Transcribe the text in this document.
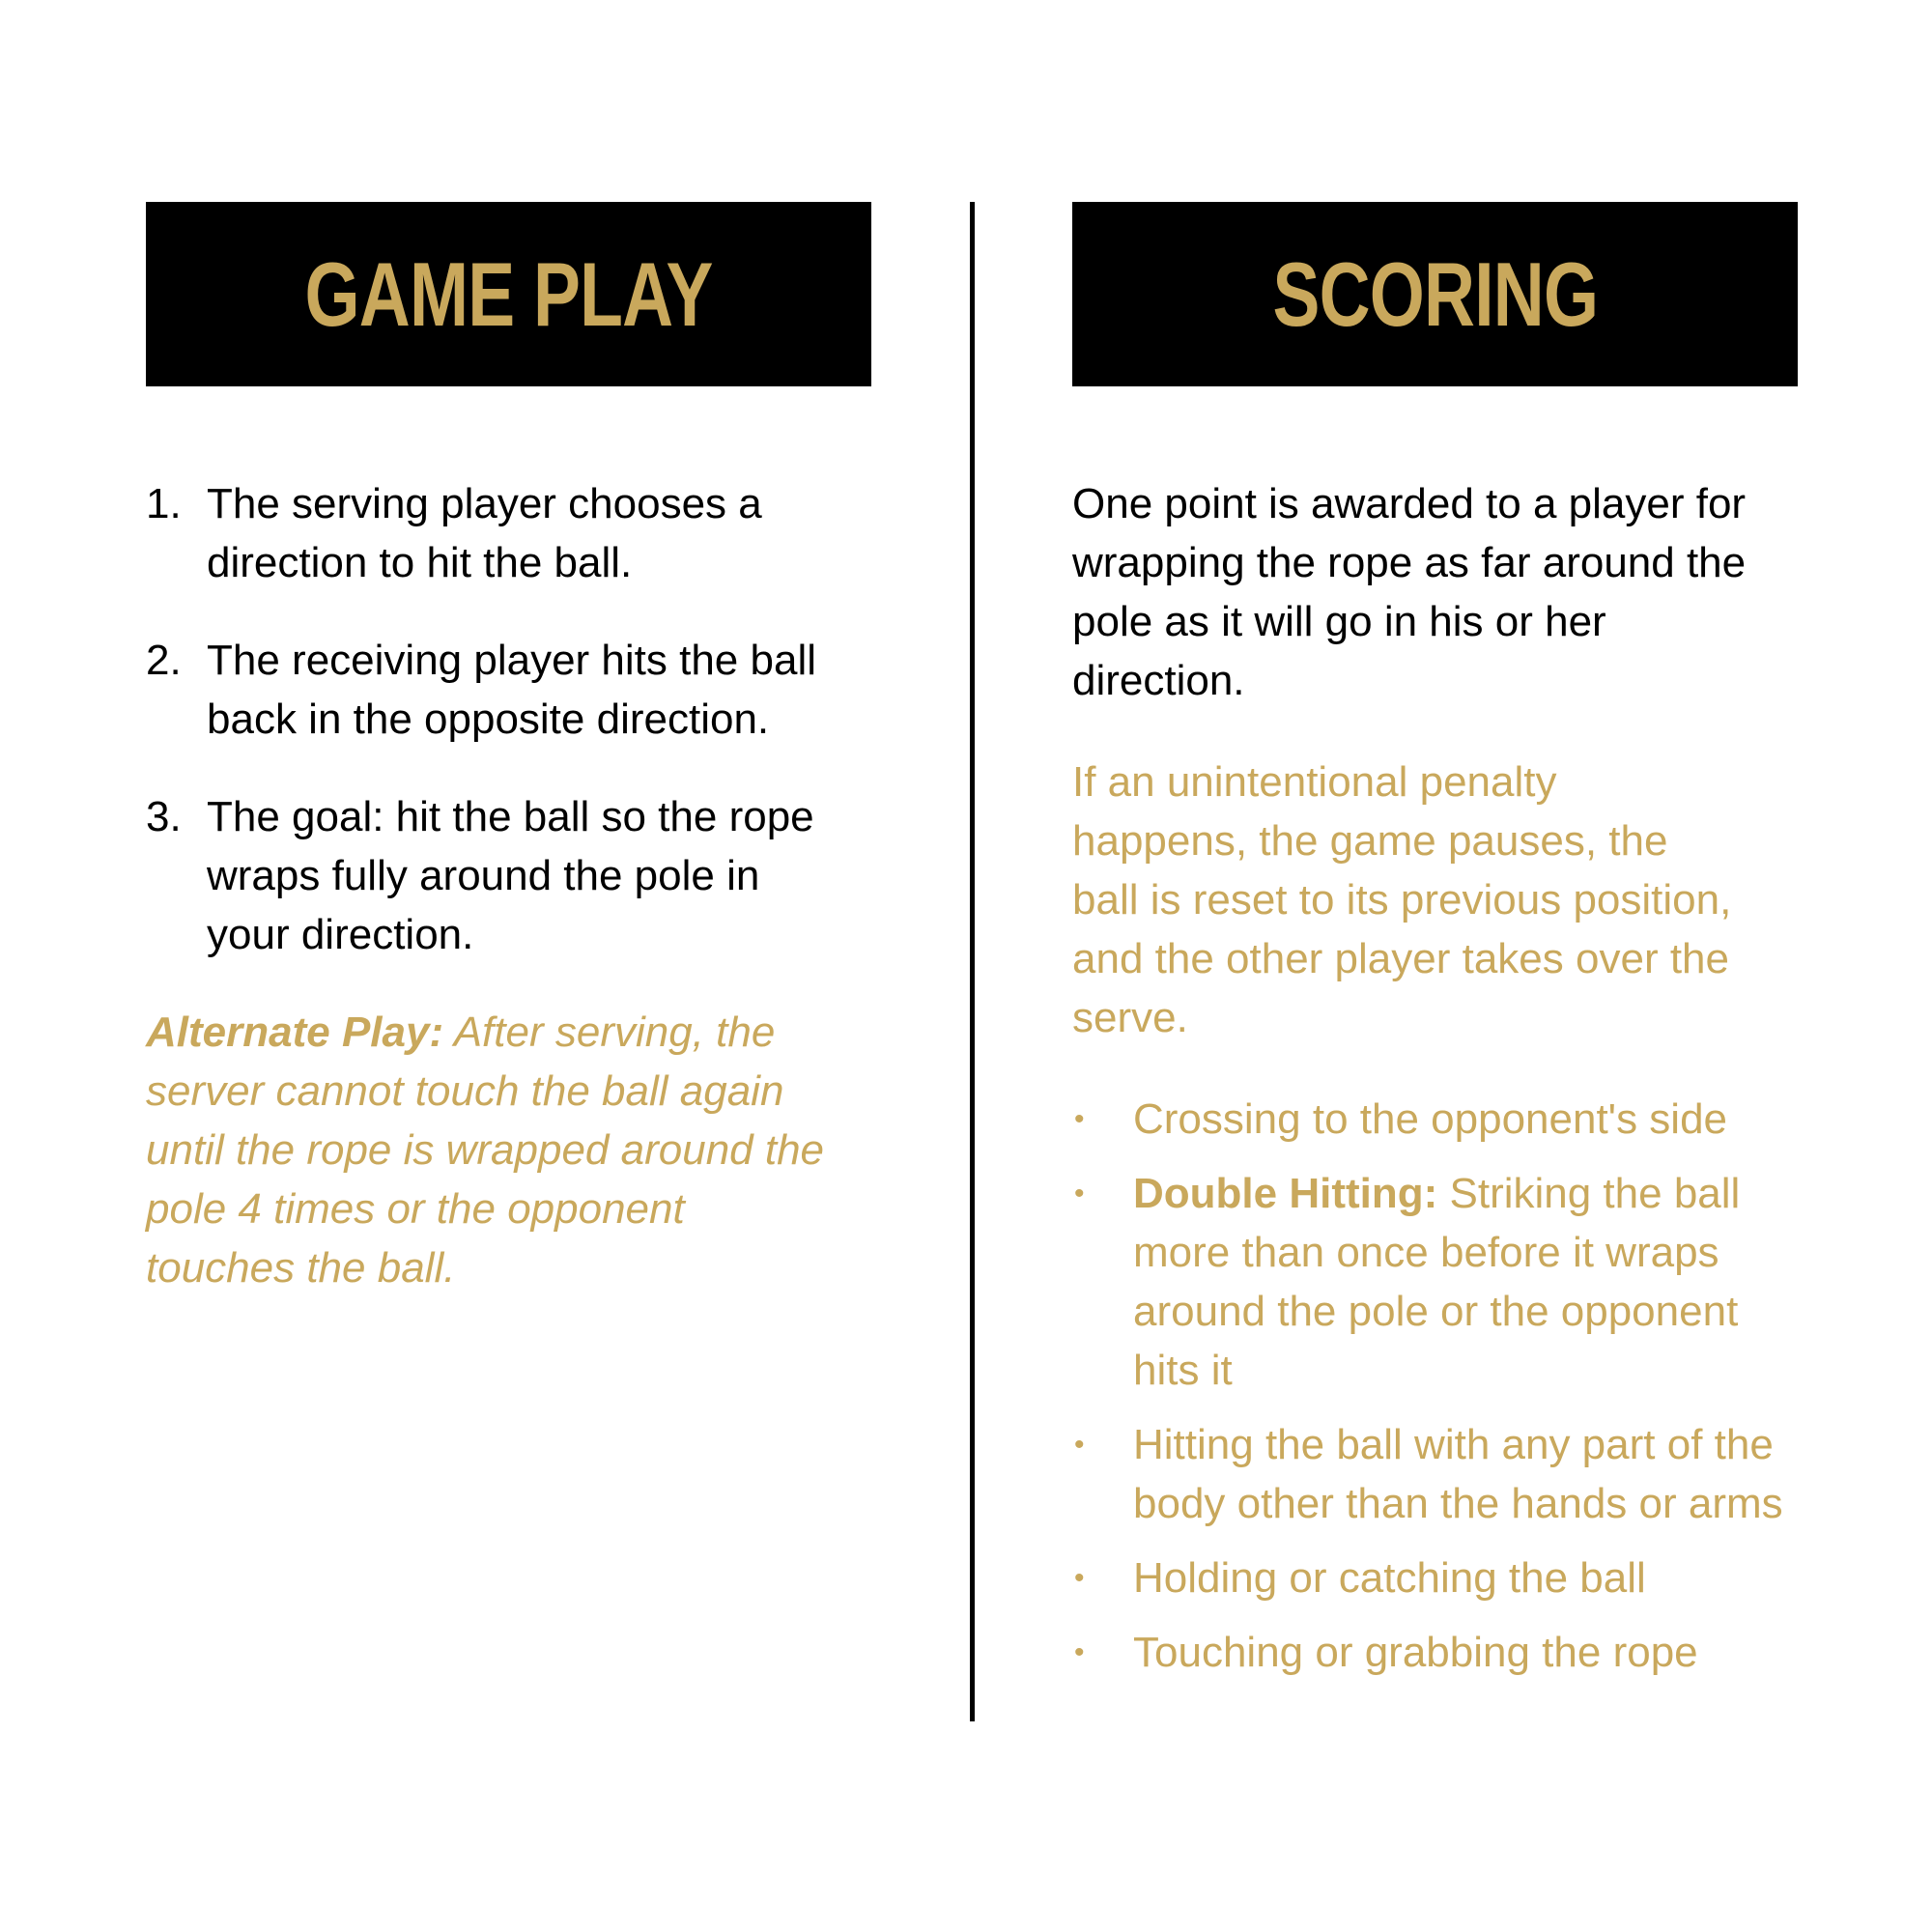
GAME PLAY
1. The serving player chooses a direction to hit the ball.
2. The receiving player hits the ball back in the opposite direction.
3. The goal: hit the ball so the rope wraps fully around the pole in your direction.

Alternate Play: After serving, the server cannot touch the ball again until the rope is wrapped around the pole 4 times or the opponent touches the ball.

SCORING

One point is awarded to a player for wrapping the rope as far around the pole as it will go in his or her direction.

If an unintentional penalty happens, the game pauses, the ball is reset to its previous position, and the other player takes over the serve.

•	Crossing to the opponent's side
•	Double Hitting: Striking the ball more than once before it wraps around the pole or the opponent hits it
•	Hitting the ball with any part of the body other than the hands or arms
•	Holding or catching the ball
•	Touching or grabbing the rope
